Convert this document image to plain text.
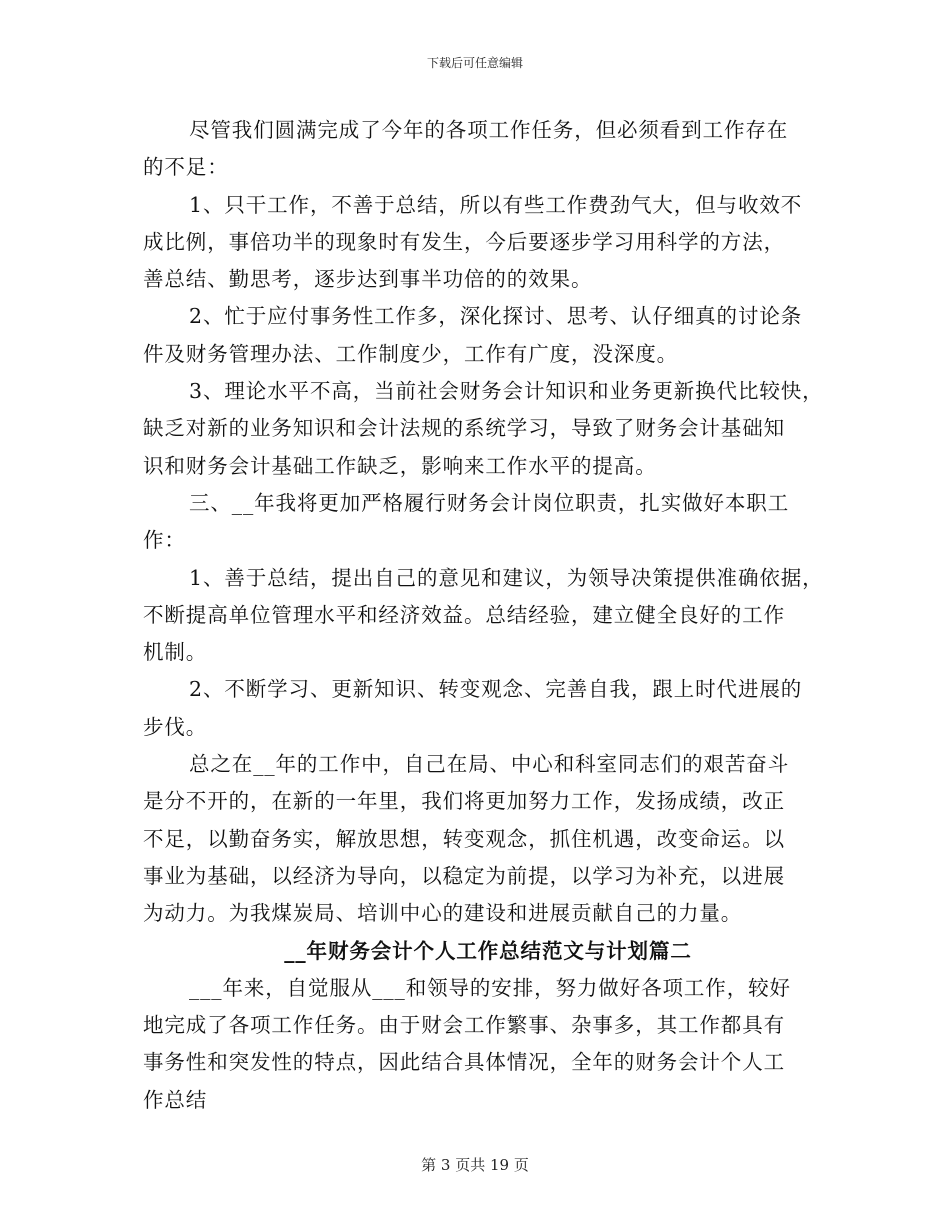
下载后可任意编辑
尽管我们圆满完成了今年的各项工作任务，但必须看到工作存在
的不足：
1、只干工作，不善于总结，所以有些工作费劲气大，但与收效不
成比例，事倍功半的现象时有发生，今后要逐步学习用科学的方法，
善总结、勤思考，逐步达到事半功倍的的效果。
2、忙于应付事务性工作多，深化探讨、思考、认仔细真的讨论条
件及财务管理办法、工作制度少，工作有广度，没深度。
3、理论水平不高，当前社会财务会计知识和业务更新换代比较快，
缺乏对新的业务知识和会计法规的系统学习，导致了财务会计基础知
识和财务会计基础工作缺乏，影响来工作水平的提高。
三、__年我将更加严格履行财务会计岗位职责，扎实做好本职工
作：
1、善于总结，提出自己的意见和建议，为领导决策提供准确依据，
不断提高单位管理水平和经济效益。总结经验，建立健全良好的工作
机制。
2、不断学习、更新知识、转变观念、完善自我，跟上时代进展的
步伐。
总之在__年的工作中，自己在局、中心和科室同志们的艰苦奋斗
是分不开的，在新的一年里，我们将更加努力工作，发扬成绩，改正
不足，以勤奋务实，解放思想，转变观念，抓住机遇，改变命运。以
事业为基础，以经济为导向，以稳定为前提，以学习为补充，以进展
为动力。为我煤炭局、培训中心的建设和进展贡献自己的力量。
__年财务会计个人工作总结范文与计划篇二
___年来，自觉服从___和领导的安排，努力做好各项工作，较好
地完成了各项工作任务。由于财会工作繁事、杂事多，其工作都具有
事务性和突发性的特点，因此结合具体情况，全年的财务会计个人工
作总结
第 3 页共 19 页
